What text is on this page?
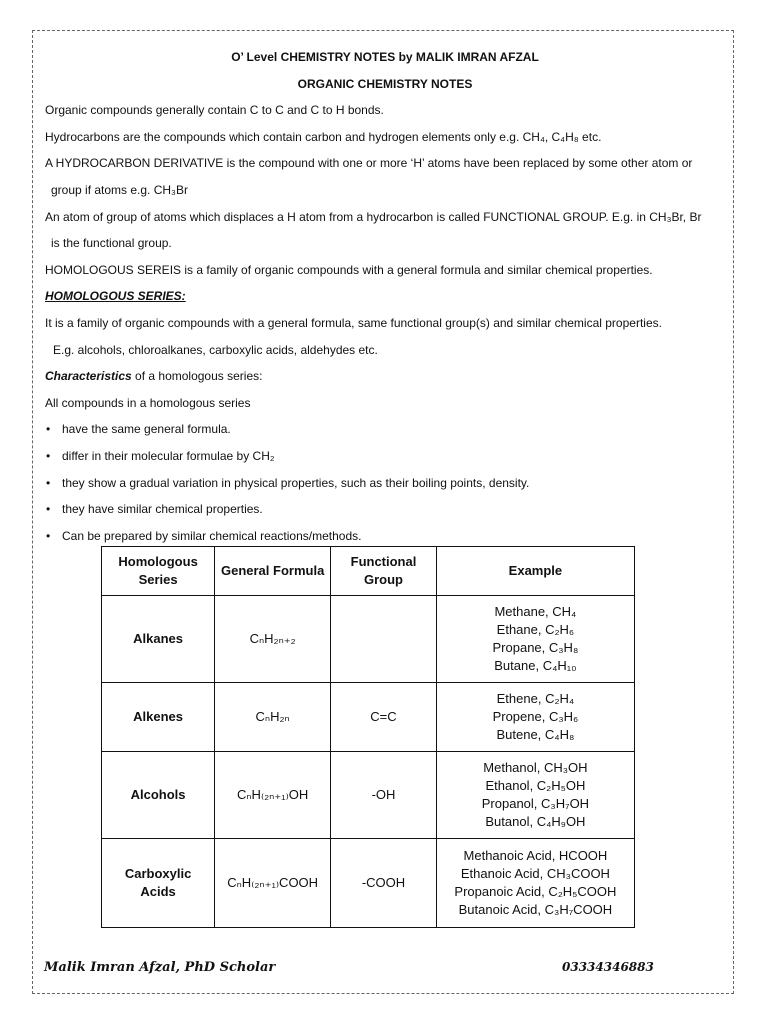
O’ Level CHEMISTRY NOTES by MALIK IMRAN AFZAL
ORGANIC CHEMISTRY NOTES
Organic compounds generally contain C to C and C to H bonds.
Hydrocarbons are the compounds which contain carbon and hydrogen elements only e.g. CH₄, C₄H₈ etc.
A HYDROCARBON DERIVATIVE is the compound with one or more ‘H’ atoms have been replaced by some other atom or
group if atoms e.g. CH₃Br
An atom of group of atoms which displaces a H atom from a hydrocarbon is called FUNCTIONAL GROUP. E.g. in CH₃Br, Br
is the functional group.
HOMOLOGOUS SEREIS is a family of organic compounds with a general formula and similar chemical properties.
HOMOLOGOUS SERIES:
It is a family of organic compounds with a general formula, same functional group(s) and similar chemical properties.
E.g. alcohols, chloroalkanes, carboxylic acids, aldehydes etc.
Characteristics of a homologous series:
All compounds in a homologous series
• have the same general formula.
• differ in their molecular formulae by CH₂
• they show a gradual variation in physical properties, such as their boiling points, density.
• they have similar chemical properties.
• Can be prepared by similar chemical reactions/methods.
Homologous Series	General Formula	Functional Group	Example
Alkanes	CₙH₂ₙ₊₂		Methane, CH₄
Ethane, C₂H₆
Propane, C₃H₈
Butane, C₄H₁₀

Alkenes	CₙH₂ₙ	C=C	Ethene, C₂H₄
Propene, C₃H₆
Butene, C₄H₈

Alcohols	CₙH₍₂ₙ₊₁₎OH	-OH	Methanol, CH₃OH
Ethanol, C₂H₅OH
Propanol, C₃H₇OH
Butanol, C₄H₉OH

Carboxylic Acids	CₙH₍₂ₙ₊₁₎COOH	-COOH	Methanoic Acid, HCOOH
Ethanoic Acid, CH₃COOH
Propanoic Acid, C₂H₅COOH
Butanoic Acid, C₃H₇COOH
Malik Imran Afzal, PhD Scholar	03334346883
